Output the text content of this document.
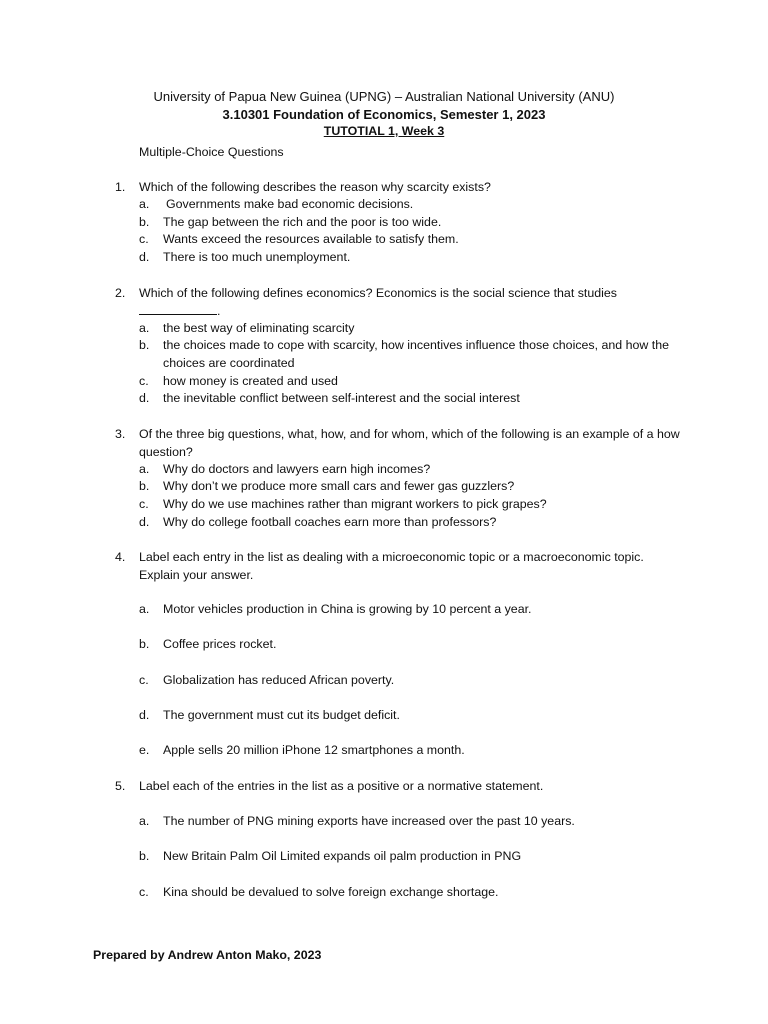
University of Papua New Guinea (UPNG) – Australian National University (ANU)
3.10301 Foundation of Economics, Semester 1, 2023
TUTOTIAL 1, Week 3
Multiple-Choice Questions
1.	Which of the following describes the reason why scarcity exists?
a.	Governments make bad economic decisions.
b.	The gap between the rich and the poor is too wide.
c.	Wants exceed the resources available to satisfy them.
d.	There is too much unemployment.
2.	Which of the following defines economics? Economics is the social science that studies
.
a.	the best way of eliminating scarcity
b.	the choices made to cope with scarcity, how incentives influence those choices, and how the choices are coordinated
c.	how money is created and used
d.	the inevitable conflict between self-interest and the social interest
3.	Of the three big questions, what, how, and for whom, which of the following is an example of a how question?
a.	Why do doctors and lawyers earn high incomes?
b.	Why don’t we produce more small cars and fewer gas guzzlers?
c.	Why do we use machines rather than migrant workers to pick grapes?
d.	Why do college football coaches earn more than professors?
4.	Label each entry in the list as dealing with a microeconomic topic or a macroeconomic topic. Explain your answer.
a.	Motor vehicles production in China is growing by 10 percent a year.
b.	Coffee prices rocket.
c.	Globalization has reduced African poverty.
d.	The government must cut its budget deficit.
e.	Apple sells 20 million iPhone 12 smartphones a month.
5.	Label each of the entries in the list as a positive or a normative statement.
a.	The number of PNG mining exports have increased over the past 10 years.
b.	New Britain Palm Oil Limited expands oil palm production in PNG
c.	Kina should be devalued to solve foreign exchange shortage.
Prepared by Andrew Anton Mako, 2023
